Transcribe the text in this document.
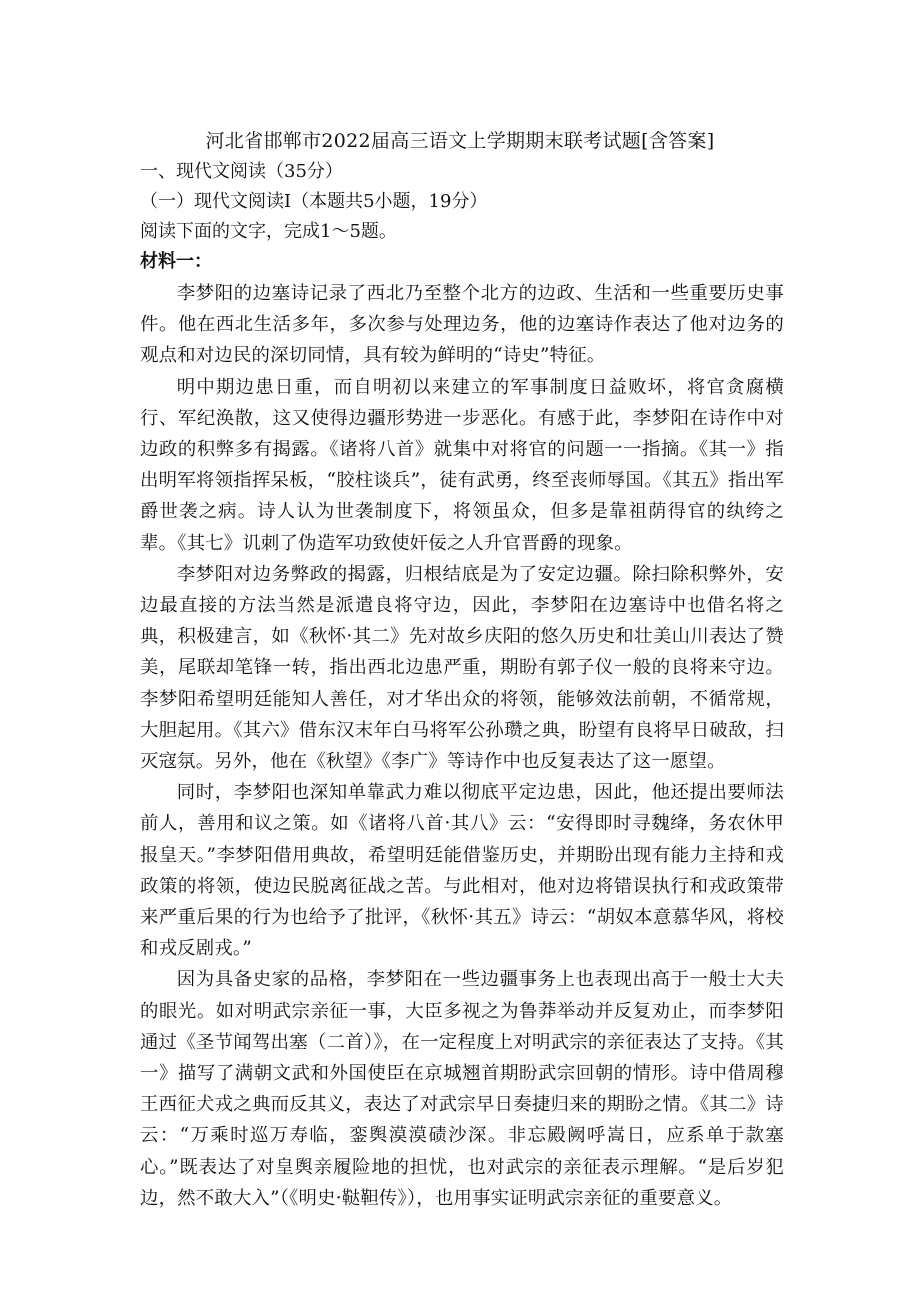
河北省邯郸市2022届高三语文上学期期末联考试题[含答案]
一、现代文阅读（35分）
（一）现代文阅读Ⅰ（本题共5小题，19分）
阅读下面的文字，完成1～5题。
材料一：

李梦阳的边塞诗记录了西北乃至整个北方的边政、生活和一些重要历史事件。他在西北生活多年，多次参与处理边务，他的边塞诗作表达了他对边务的观点和对边民的深切同情，具有较为鲜明的“诗史”特征。

明中期边患日重，而自明初以来建立的军事制度日益败坏，将官贪腐横行、军纪涣散，这又使得边疆形势进一步恶化。有感于此，李梦阳在诗作中对边政的积弊多有揭露。《诸将八首》就集中对将官的问题一一指摘。《其一》指出明军将领指挥呆板，“胶柱谈兵”，徒有武勇，终至丧师辱国。《其五》指出军爵世袭之病。诗人认为世袭制度下，将领虽众，但多是靠祖荫得官的纨绔之辈。《其七》讥刺了伪造军功致使奸佞之人升官晋爵的现象。

李梦阳对边务弊政的揭露，归根结底是为了安定边疆。除扫除积弊外，安边最直接的方法当然是派遣良将守边，因此，李梦阳在边塞诗中也借名将之典，积极建言，如《秋怀·其二》先对故乡庆阳的悠久历史和壮美山川表达了赞美，尾联却笔锋一转，指出西北边患严重，期盼有郭子仪一般的良将来守边。李梦阳希望明廷能知人善任，对才华出众的将领，能够效法前朝，不循常规，大胆起用。《其六》借东汉末年白马将军公孙瓒之典，盼望有良将早日破敌，扫灭寇氛。另外，他在《秋望》《李广》等诗作中也反复表达了这一愿望。

同时，李梦阳也深知单靠武力难以彻底平定边患，因此，他还提出要师法前人，善用和议之策。如《诸将八首·其八》云：“安得即时寻魏绛，务农休甲报皇天。”李梦阳借用典故，希望明廷能借鉴历史，并期盼出现有能力主持和戎政策的将领，使边民脱离征战之苦。与此相对，他对边将错误执行和戎政策带来严重后果的行为也给予了批评，《秋怀·其五》诗云：“胡奴本意慕华风，将校和戎反剧戎。”

因为具备史家的品格，李梦阳在一些边疆事务上也表现出高于一般士大夫的眼光。如对明武宗亲征一事，大臣多视之为鲁莽举动并反复劝止，而李梦阳通过《圣节闻驾出塞（二首）》，在一定程度上对明武宗的亲征表达了支持。《其一》描写了满朝文武和外国使臣在京城翘首期盼武宗回朝的情形。诗中借周穆王西征犬戎之典而反其义，表达了对武宗早日奏捷归来的期盼之情。《其二》诗云：“万乘时巡万寿临，銮舆漠漠碛沙深。非忘殿阙呼嵩日，应系单于款塞心。”既表达了对皇舆亲履险地的担忧，也对武宗的亲征表示理解。“是后岁犯边，然不敢大入”（《明史·鞑靼传》），也用事实证明武宗亲征的重要意义。
